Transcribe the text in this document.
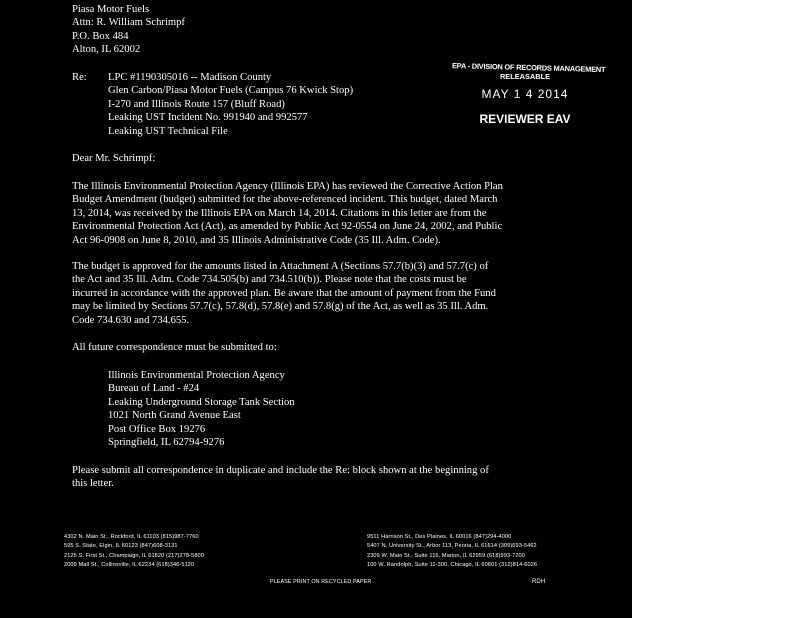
Piasa Motor Fuels
Attn: R. William Schrimpf
P.O. Box 484
Alton, IL 62002
Re: LPC #1190305016 -- Madison County
Glen Carbon/Piasa Motor Fuels (Campus 76 Kwick Stop)
I-270 and Illinois Route 157 (Bluff Road)
Leaking UST Incident No. 991940 and 992577
Leaking UST Technical File
EPA - DIVISION OF RECORDS MANAGEMENT
RELEASABLE
MAY 1 4 2014
REVIEWER EAV
Dear Mr. Schrimpf:
The Illinois Environmental Protection Agency (Illinois EPA) has reviewed the Corrective Action Plan
Budget Amendment (budget) submitted for the above-referenced incident. This budget, dated March
13, 2014, was received by the Illinois EPA on March 14, 2014. Citations in this letter are from the
Environmental Protection Act (Act), as amended by Public Act 92-0554 on June 24, 2002, and Public
Act 96-0908 on June 8, 2010, and 35 Illinois Administrative Code (35 Ill. Adm. Code).
The budget is approved for the amounts listed in Attachment A (Sections 57.7(b)(3) and 57.7(c) of
the Act and 35 Ill. Adm. Code 734.505(b) and 734.510(b)). Please note that the costs must be
incurred in accordance with the approved plan. Be aware that the amount of payment from the Fund
may be limited by Sections 57.7(c), 57.8(d), 57.8(e) and 57.8(g) of the Act, as well as 35 Ill. Adm.
Code 734.630 and 734.655.
All future correspondence must be submitted to:
Illinois Environmental Protection Agency
Bureau of Land - #24
Leaking Underground Storage Tank Section
1021 North Grand Avenue East
Post Office Box 19276
Springfield, IL 62794-9276
Please submit all correspondence in duplicate and include the Re: block shown at the beginning of
this letter.
4302 N. Main St., Rockford, IL 61103 (815)987-7760
595 S. State, Elgin, IL 60123 (847)608-3131
2125 S. First St., Champaign, IL 61820 (217)278-5800
2009 Mall St., Collinsville, IL 62234 (618)346-5120
9511 Harrison St., Des Plaines, IL 60016 (847)294-4000
5407 N. University St., Arbor 113, Peoria, IL 61614 (309)693-5462
2309 W. Main St., Suite 116, Marion, IL 62959 (618)993-7200
100 W. Randolph, Suite 11-300, Chicago, IL 60601 (312)814-6026
PLEASE PRINT ON RECYCLED PAPER	RDH
